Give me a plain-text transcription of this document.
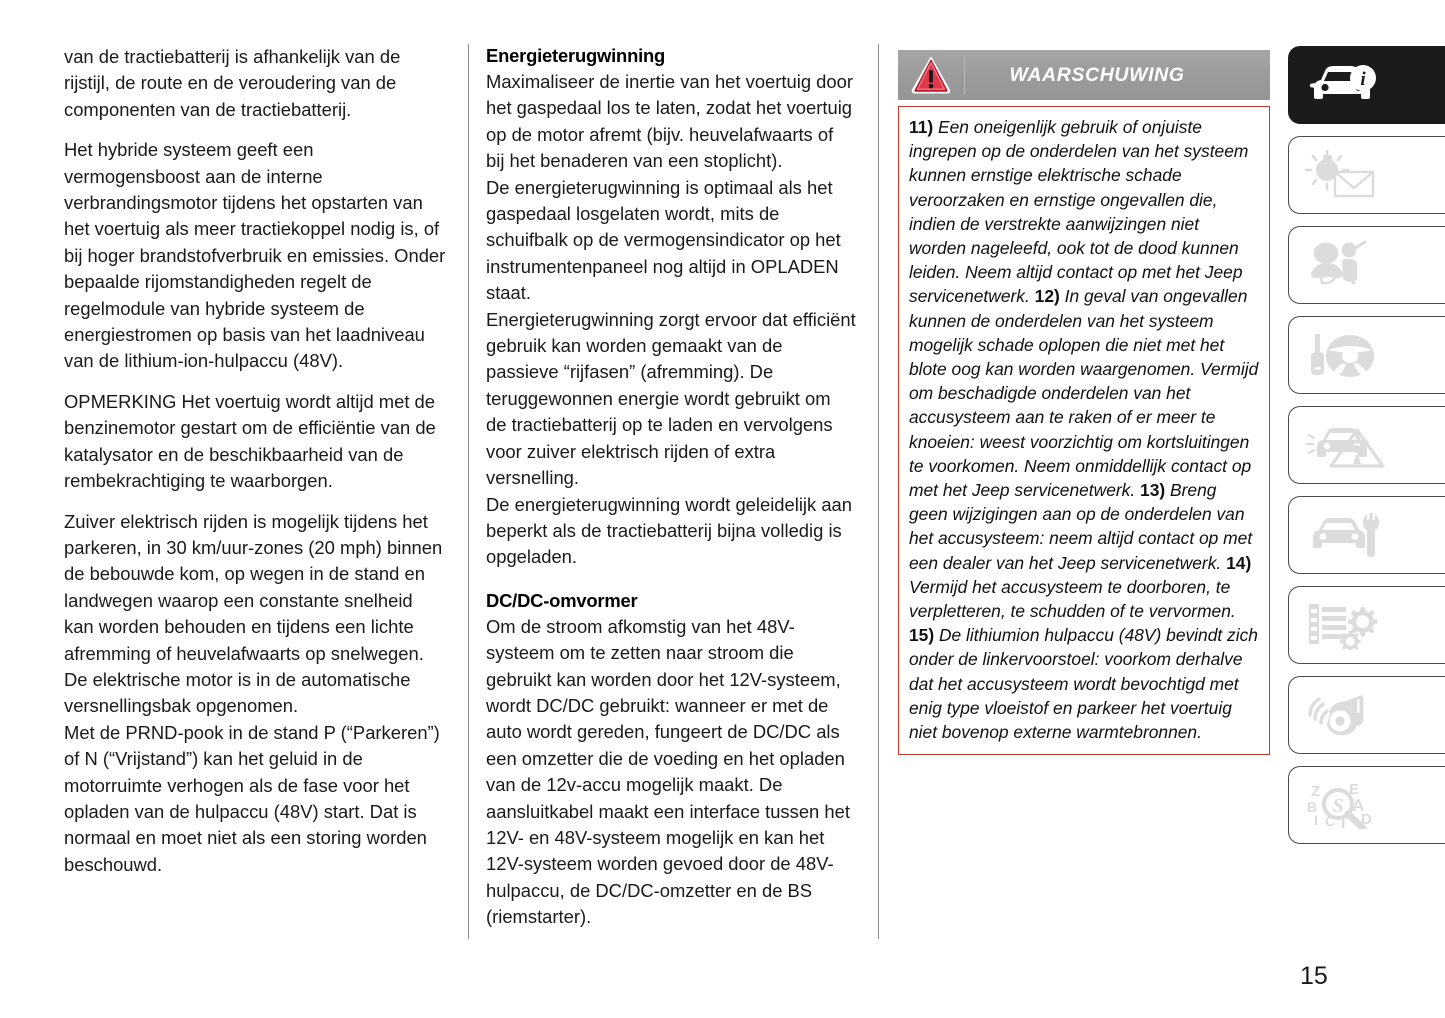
van de tractiebatterij is afhankelijk van de rijstijl, de route en de veroudering van de componenten van de tractiebatterij.

Het hybride systeem geeft een vermogensboost aan de interne verbrandingsmotor tijdens het opstarten van het voertuig als meer tractiekoppel nodig is, of bij hoger brandstofverbruik en emissies. Onder bepaalde rijomstandigheden regelt de regelmodule van hybride systeem de energiestromen op basis van het laadniveau van de lithium-ion-hulpaccu (48V).

OPMERKING Het voertuig wordt altijd met de benzinemotor gestart om de efficiëntie van de katalysator en de beschikbaarheid van de rembekrachtiging te waarborgen.

Zuiver elektrisch rijden is mogelijk tijdens het parkeren, in 30 km/uur-zones (20 mph) binnen de bebouwde kom, op wegen in de stand en landwegen waarop een constante snelheid kan worden behouden en tijdens een lichte afremming of heuvelafwaarts op snelwegen. De elektrische motor is in de automatische versnellingsbak opgenomen.

Met de PRND-pook in de stand P (“Parkeren”) of N (“Vrijstand”) kan het geluid in de motorruimte verhogen als de fase voor het opladen van de hulpaccu (48V) start. Dat is normaal en moet niet als een storing worden beschouwd.

Energieterugwinning

Maximaliseer de inertie van het voertuig door het gaspedaal los te laten, zodat het voertuig op de motor afremt (bijv. heuvelafwaarts of bij het benaderen van een stoplicht).

De energieterugwinning is optimaal als het gaspedaal losgelaten wordt, mits de schuifbalk op de vermogensindicator op het instrumentenpaneel nog altijd in OPLADEN staat.

Energieterugwinning zorgt ervoor dat efficiënt gebruik kan worden gemaakt van de passieve “rijfasen” (afremming). De teruggewonnen energie wordt gebruikt om de tractiebatterij op te laden en vervolgens voor zuiver elektrisch rijden of extra versnelling.

De energieterugwinning wordt geleidelijk aan beperkt als de tractiebatterij bijna volledig is opgeladen.

DC/DC-omvormer

Om de stroom afkomstig van het 48V-systeem om te zetten naar stroom die gebruikt kan worden door het 12V-systeem, wordt DC/DC gebruikt: wanneer er met de auto wordt gereden, fungeert de DC/DC als een omzetter die de voeding en het opladen van de 12v-accu mogelijk maakt. De aansluitkabel maakt een interface tussen het 12V- en 48V-systeem mogelijk en kan het 12V-systeem worden gevoed door de 48V-hulpaccu, de DC/DC-omzetter en de BS (riemstarter).

WAARSCHUWING
11) Een oneigenlijk gebruik of onjuiste ingrepen op de onderdelen van het systeem kunnen ernstige elektrische schade veroorzaken en ernstige ongevallen die, indien de verstrekte aanwijzingen niet worden nageleefd, ook tot de dood kunnen leiden. Neem altijd contact op met het Jeep servicenetwerk. 12) In geval van ongevallen kunnen de onderdelen van het systeem mogelijk schade oplopen die niet met het blote oog kan worden waargenomen. Vermijd om beschadigde onderdelen van het accusysteem aan te raken of er meer te knoeien: weest voorzichtig om kortsluitingen te voorkomen. Neem onmiddellijk contact op met het Jeep servicenetwerk. 13) Breng geen wijzigingen aan op de onderdelen van het accusysteem: neem altijd contact op met een dealer van het Jeep servicenetwerk. 14) Vermijd het accusysteem te doorboren, te verpletteren, te schudden of te vervormen. 15) De lithiumion hulpaccu (48V) bevindt zich onder de linkervoorstoel: voorkom derhalve dat het accusysteem wordt bevochtigd met enig type vloeistof en parkeer het voertuig niet bovenop externe warmtebronnen.
i
Z
B
I C T
E
A
D
S
15
